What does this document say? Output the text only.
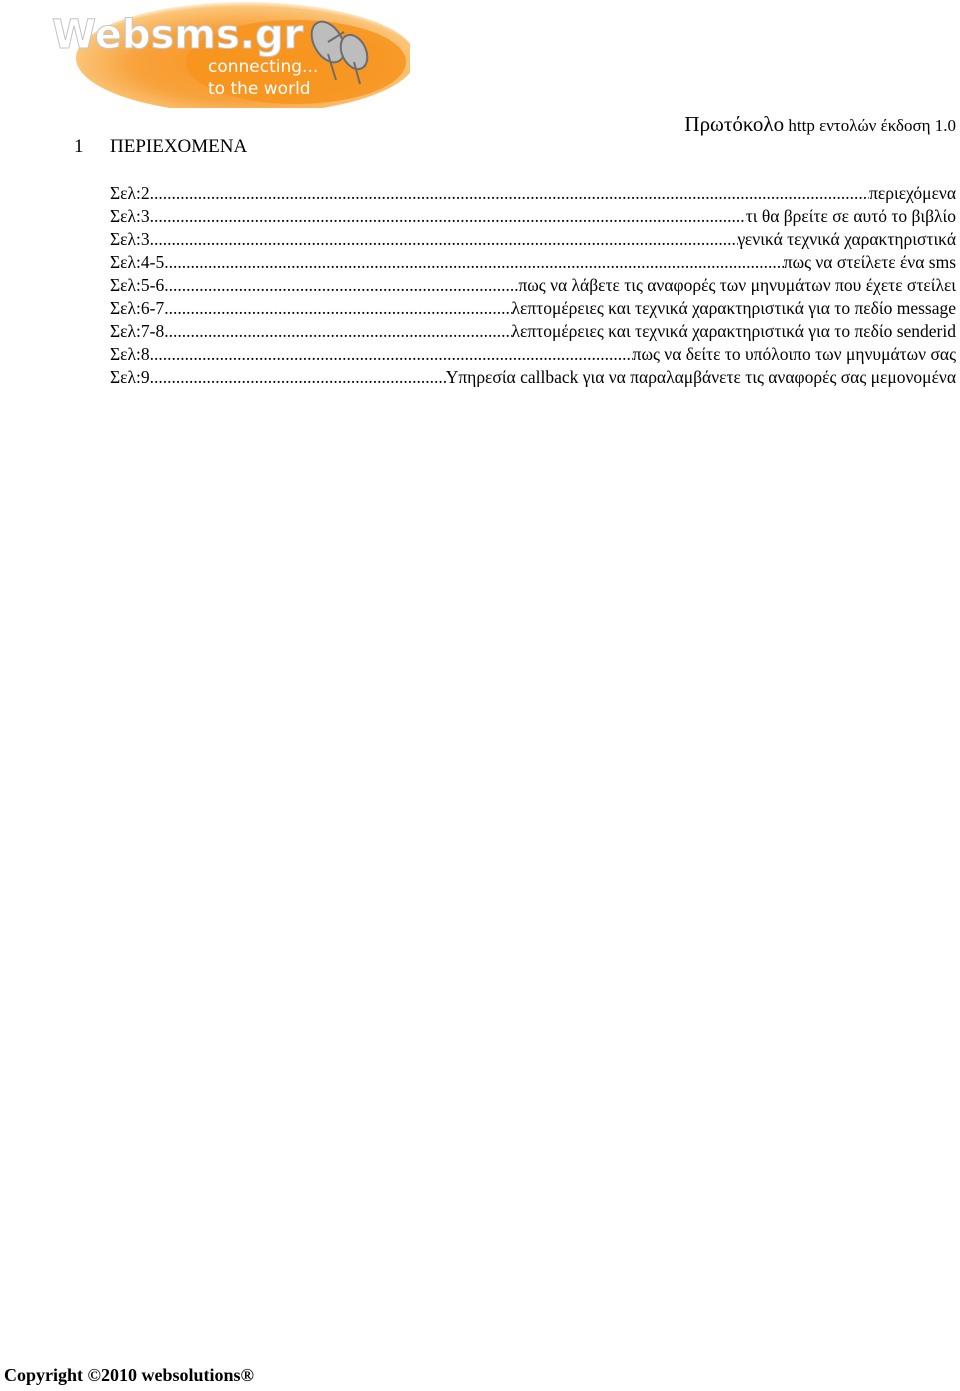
Websms.gr
connecting...
to the world
Πρωτόκολο http εντολών έκδοση 1.0
1 ΠΕΡΙΕΧΟΜΕΝΑ
Σελ:2 .....	περιεχόμενα
Σελ:3 .....	τι θα βρείτε σε αυτό το βιβλίο
Σελ:3 .....	γενικά τεχνικά χαρακτηριστικά
Σελ:4-5 .....	πως να στείλετε ένα sms
Σελ:5-6 .....	πως να λάβετε τις αναφορές των μηνυμάτων που έχετε στείλει
Σελ:6-7 .....	λεπτομέρειες και τεχνικά χαρακτηριστικά για το πεδίο message
Σελ:7-8 .....	λεπτομέρειες και τεχνικά χαρακτηριστικά για το πεδίο senderid
Σελ:8 .....	πως να δείτε το υπόλοιπο των μηνυμάτων σας
Σελ:9 .....	Υπηρεσία callback για να παραλαμβάνετε τις αναφορές σας μεμονομένα
Copyright ©2010 websolutions®
